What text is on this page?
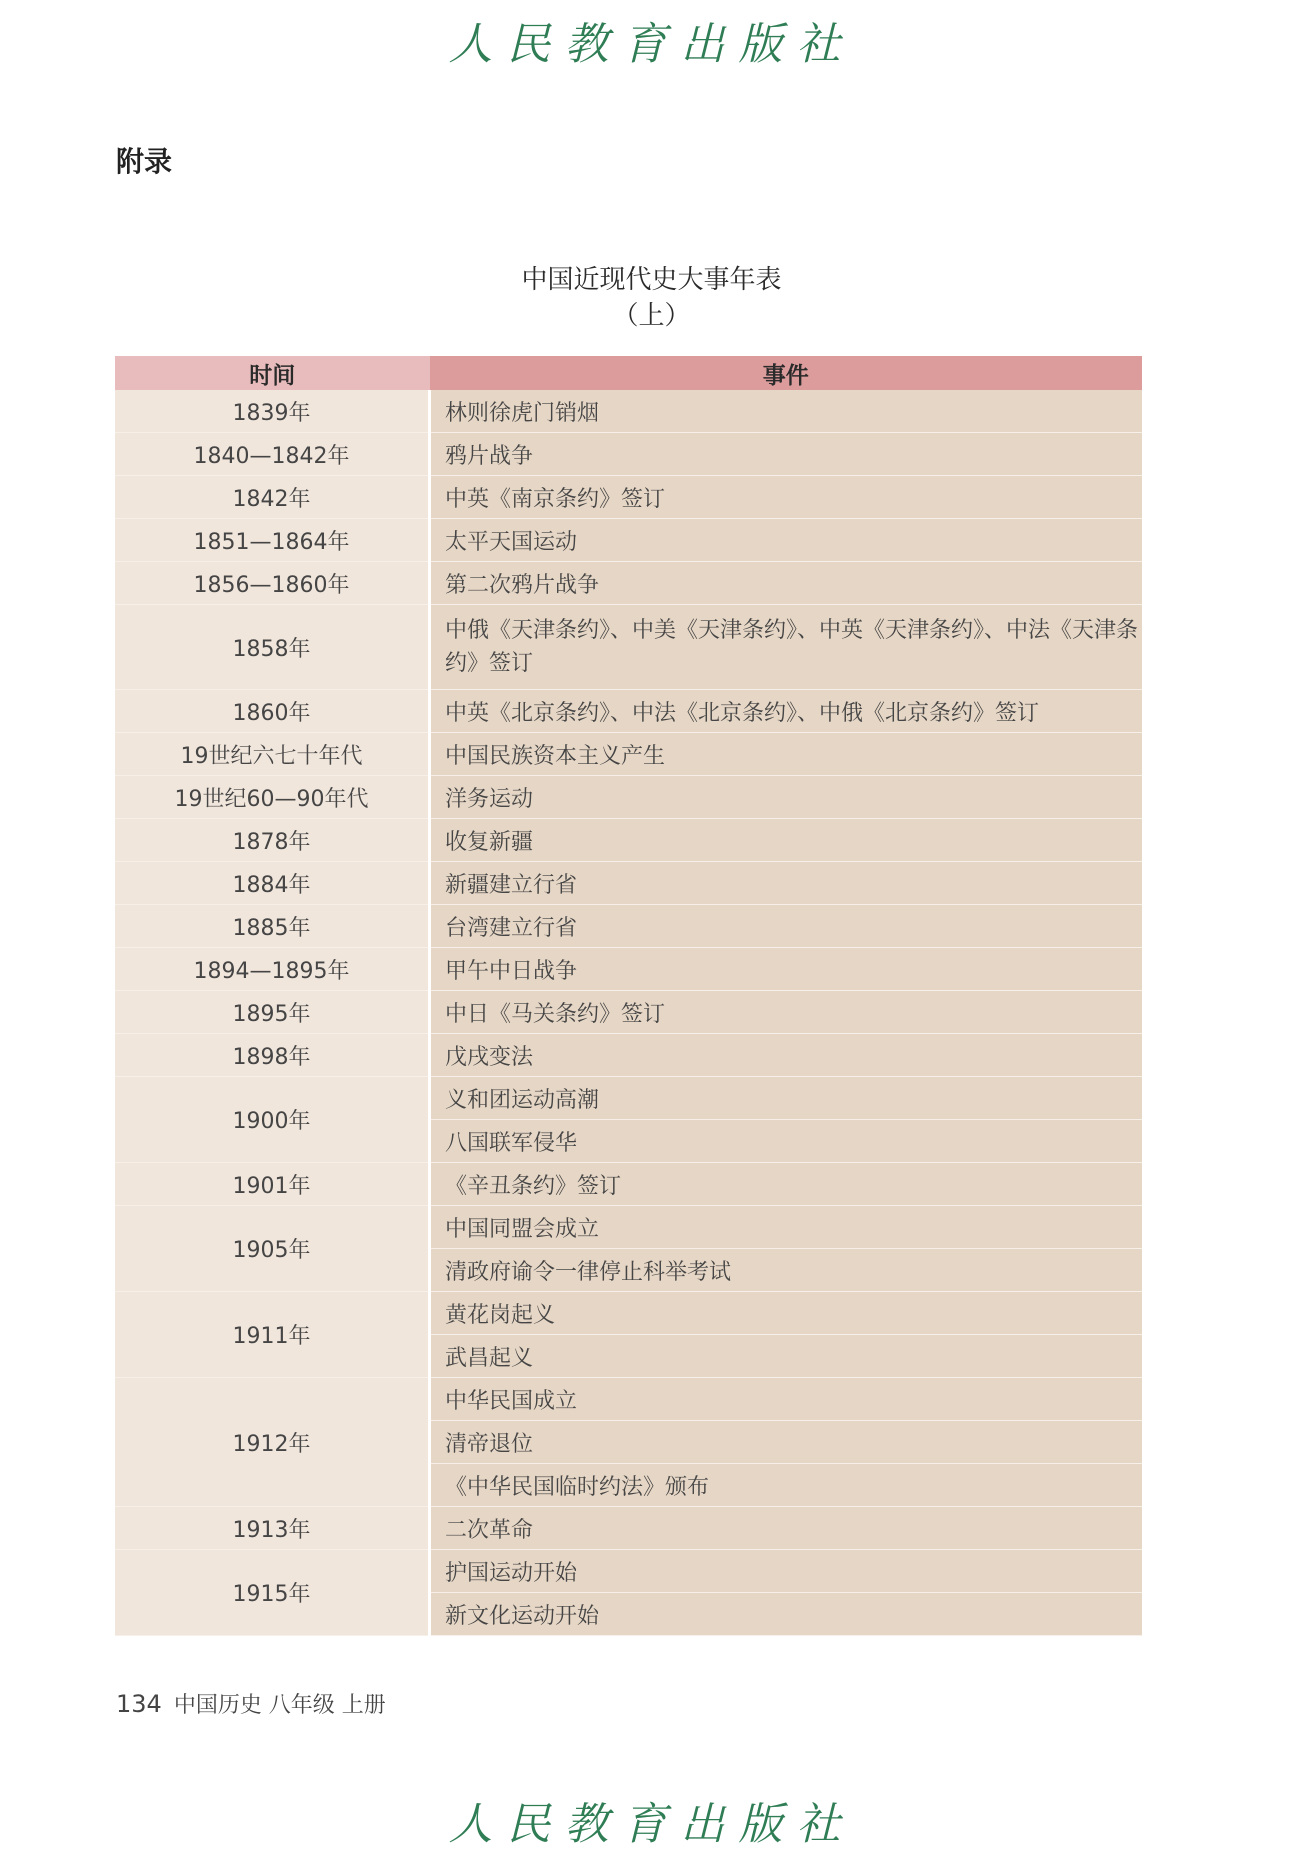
人民教育出版社
附录
中国近现代史大事年表
（上）
时间	事件
1839年	林则徐虎门销烟
1840—1842年	鸦片战争
1842年	中英《南京条约》签订
1851—1864年	太平天国运动
1856—1860年	第二次鸦片战争
1858年	中俄《天津条约》、中美《天津条约》、中英《天津条约》、中法《天津条约》签订
1860年	中英《北京条约》、中法《北京条约》、中俄《北京条约》签订
19世纪六七十年代	中国民族资本主义产生
19世纪60—90年代	洋务运动
1878年	收复新疆
1884年	新疆建立行省
1885年	台湾建立行省
1894—1895年	甲午中日战争
1895年	中日《马关条约》签订
1898年	戊戌变法
1900年	义和团运动高潮
	八国联军侵华
1901年	《辛丑条约》签订
1905年	中国同盟会成立
	清政府谕令一律停止科举考试
1911年	黄花岗起义
	武昌起义
1912年	中华民国成立
	清帝退位
	《中华民国临时约法》颁布
1913年	二次革命
1915年	护国运动开始
	新文化运动开始
134 中国历史 八年级 上册
人民教育出版社
